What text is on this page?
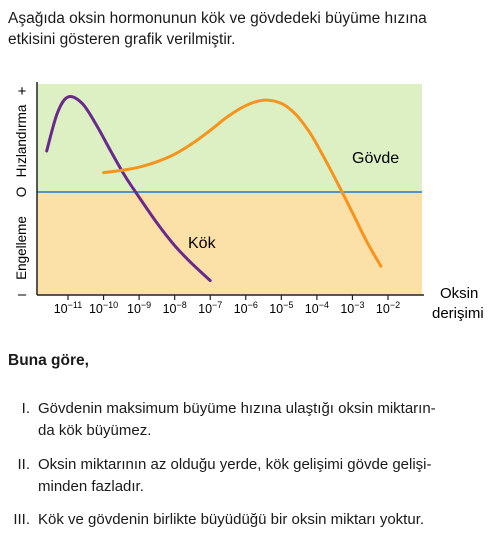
Aşağıda oksin hormonunun kök ve gövdedeki büyüme hızına
etkisini gösteren grafik verilmiştir.
$10^{-11}$ $10^{-10}$ $10^{-9}$ $10^{-8}$ $10^{-7}$ $10^{-6}$ $10^{-5}$ $10^{-4}$ $10^{-3}$ $10^{-2}$
+
Hızlandırma
O
Engelleme
–	Oksin
derişimi
Gövde
Kök
Buna göre,
I. Gövdenin maksimum büyüme hızına ulaştığı oksin miktarın-
da kök büyümez.
II. Oksin miktarının az olduğu yerde, kök gelişimi gövde gelişi-
minden fazladır.
III. Kök ve gövdenin birlikte büyüdüğü bir oksin miktarı yoktur.
